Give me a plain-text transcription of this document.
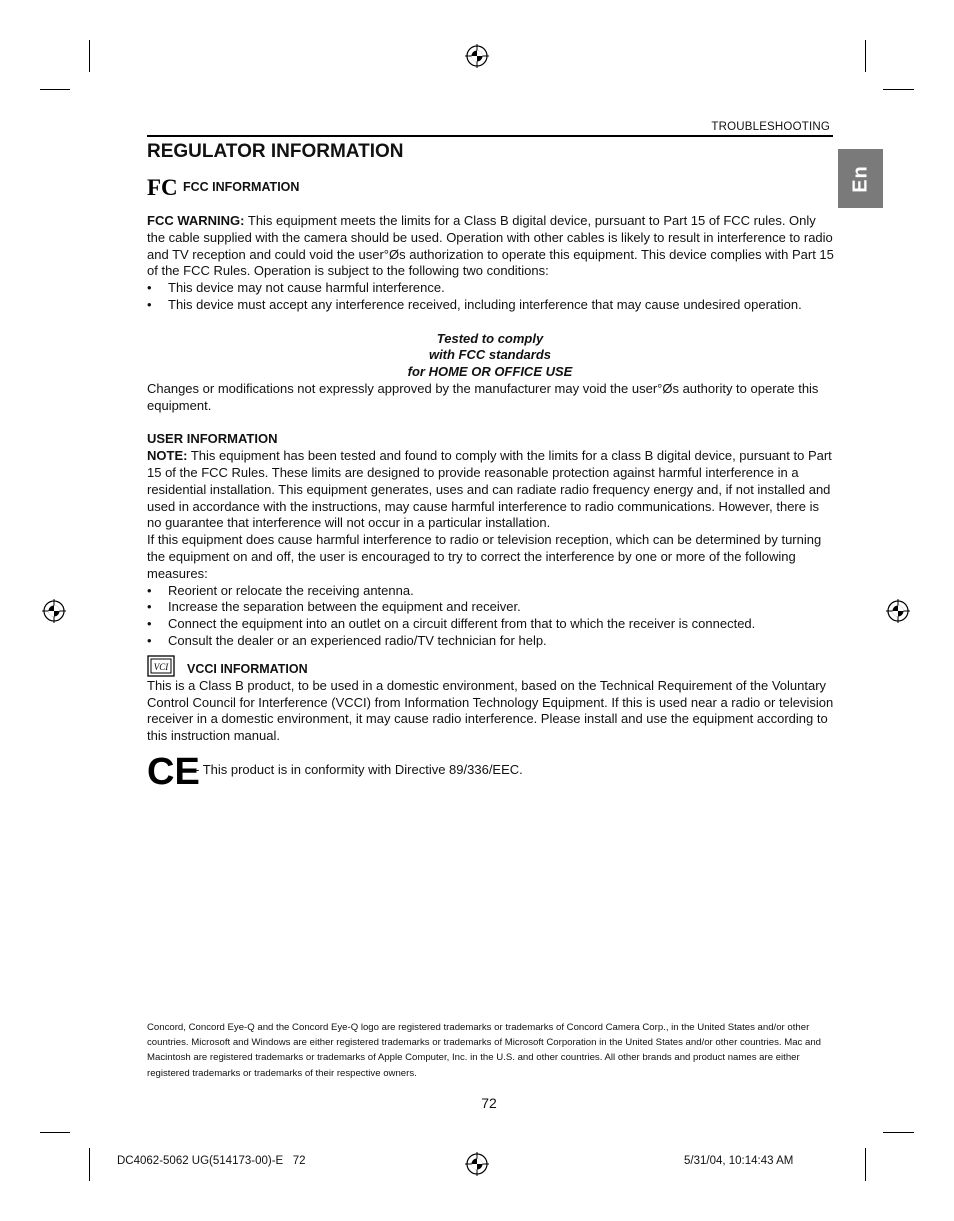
TROUBLESHOOTING
En
REGULATOR INFORMATION
FC FCC INFORMATION

FCC WARNING: This equipment meets the limits for a Class B digital device, pursuant to Part 15 of FCC rules. Only the cable supplied with the camera should be used. Operation with other cables is likely to result in interference to radio and TV reception and could void the user°Øs authorization to operate this equipment. This device complies with Part 15 of the FCC Rules. Operation is subject to the following two conditions:

• This device may not cause harmful interference.
• This device must accept any interference received, including interference that may cause undesired operation.
Tested to comply
with FCC standards
for HOME OR OFFICE USE

Changes or modifications not expressly approved by the manufacturer may void the user°Øs authority to operate this equipment.

USER INFORMATION

NOTE: This equipment has been tested and found to comply with the limits for a class B digital device, pursuant to Part 15 of the FCC Rules. These limits are designed to provide reasonable protection against harmful interference in a residential installation. This equipment generates, uses and can radiate radio frequency energy and, if not installed and used in accordance with the instructions, may cause harmful interference to radio communications. However, there is no guarantee that interference will not occur in a particular installation.

If this equipment does cause harmful interference to radio or television reception, which can be determined by turning the equipment on and off, the user is encouraged to try to correct the interference by one or more of the following measures:

• Reorient or relocate the receiving antenna.
• Increase the separation between the equipment and receiver.
• Connect the equipment into an outlet on a circuit different from that to which the receiver is connected.
• Consult the dealer or an experienced radio/TV technician for help.
VCI VCCI INFORMATION

This is a Class B product, to be used in a domestic environment, based on the Technical Requirement of the Voluntary Control Council for Interference (VCCI) from Information Technology Equipment. If this is used near a radio or television receiver in a domestic environment, it may cause radio interference. Please install and use the equipment according to this instruction manual.

CE
- This product is in conformity with Directive 89/336/EEC.
Concord, Concord Eye-Q and the Concord Eye-Q logo are registered trademarks or trademarks of Concord Camera Corp., in the United States and/or other countries. Microsoft and Windows are either registered trademarks or trademarks of Microsoft Corporation in the United States and/or other countries. Mac and Macintosh are registered trademarks or trademarks of Apple Computer, Inc. in the U.S. and other countries. All other brands and product names are either registered trademarks or trademarks of their respective owners.
72
DC4062-5062 UG(514173-00)-E   72	5/31/04, 10:14:43 AM
